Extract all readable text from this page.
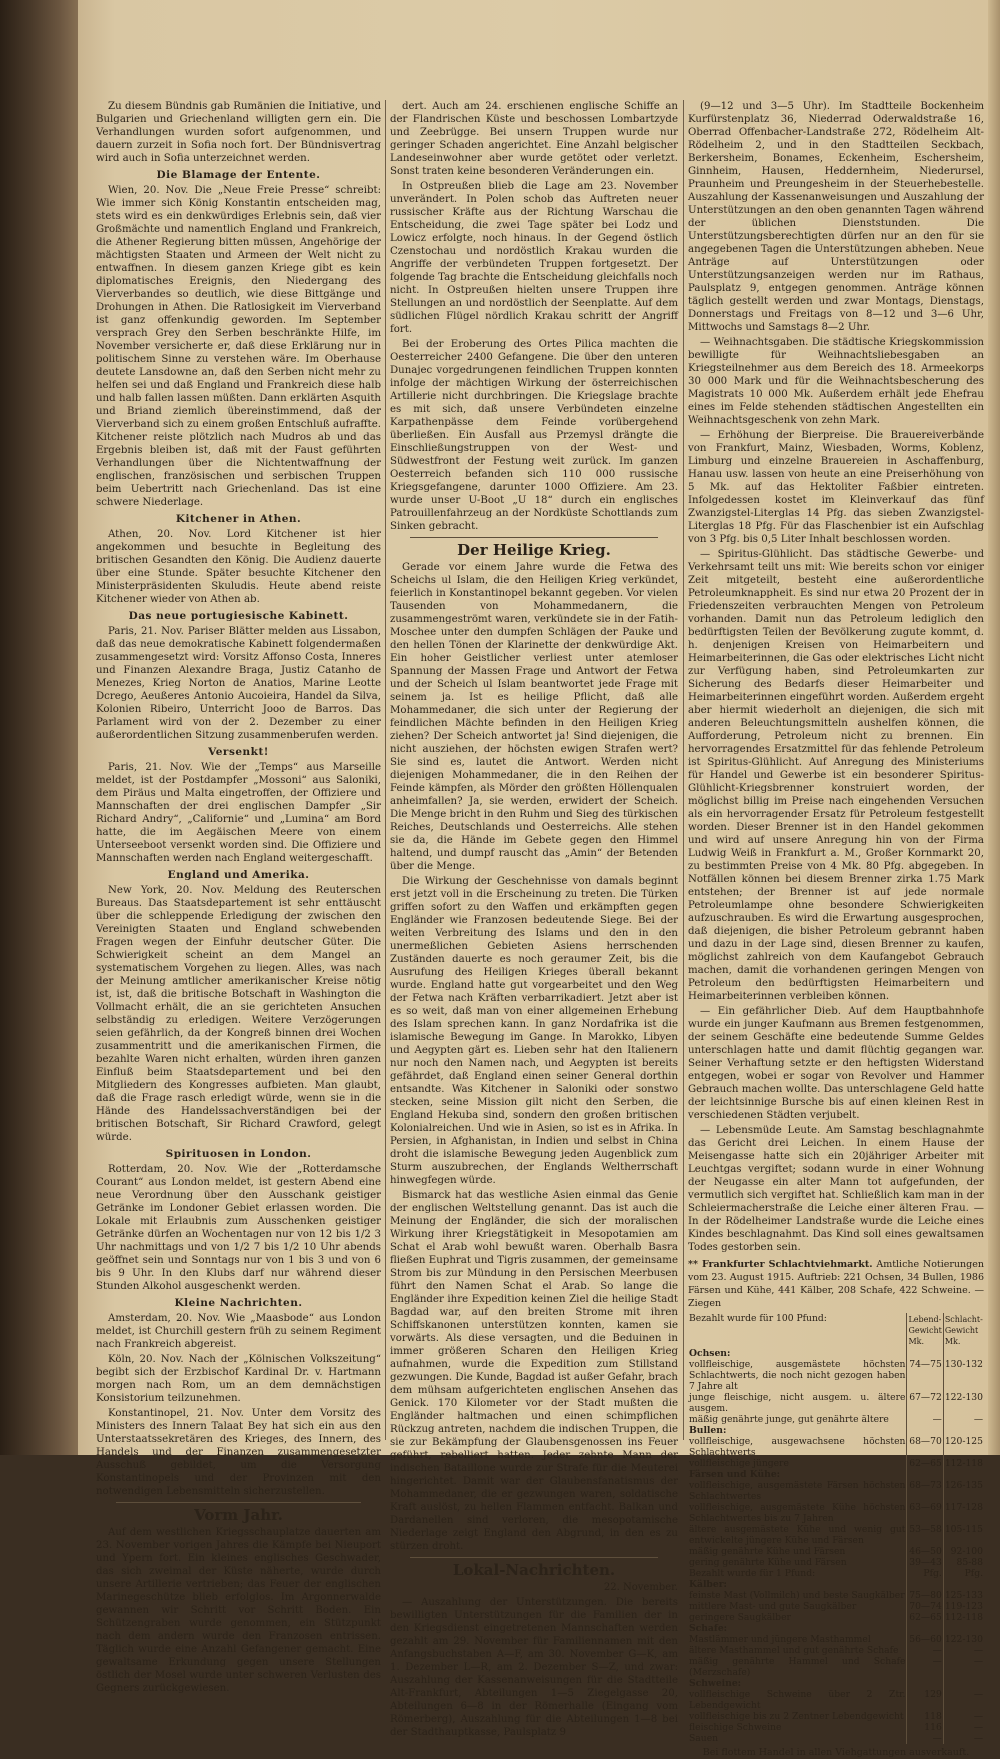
Zu diesem Bündnis gab Rumänien die Initiative, und Bulgarien und Griechenland willigten gern ein. Die Verhandlungen wurden sofort aufgenommen, und dauern zurzeit in Sofia noch fort. Der Bündnisvertrag wird auch in Sofia unterzeichnet werden.

Die Blamage der Entente.

Wien, 20. Nov. Die „Neue Freie Presse“ schreibt: Wie immer sich König Konstantin entscheiden mag, stets wird es ein denkwürdiges Erlebnis sein, daß vier Großmächte und namentlich England und Frankreich, die Athener Regierung bitten müssen, Angehörige der mächtigsten Staaten und Armeen der Welt nicht zu entwaffnen. In diesem ganzen Kriege gibt es kein diplomatisches Ereignis, den Niedergang des Vierverbandes so deutlich, wie diese Bittgänge und Drohungen in Athen. Die Ratlosigkeit im Vierverband ist ganz offenkundig geworden. Im September versprach Grey den Serben beschränkte Hilfe, im November versicherte er, daß diese Erklärung nur in politischem Sinne zu verstehen wäre. Im Oberhause deutete Lansdowne an, daß den Serben nicht mehr zu helfen sei und daß England und Frankreich diese halb und halb fallen lassen müßten. Dann erklärten Asquith und Briand ziemlich übereinstimmend, daß der Vierverband sich zu einem großen Entschluß aufraffte. Kitchener reiste plötzlich nach Mudros ab und das Ergebnis bleiben ist, daß mit der Faust geführten Verhandlungen über die Nichtentwaffnung der englischen, französischen und serbischen Truppen beim Uebertritt nach Griechenland. Das ist eine schwere Niederlage.

Kitchener in Athen.

Athen, 20. Nov. Lord Kitchener ist hier angekommen und besuchte in Begleitung des britischen Gesandten den König. Die Audienz dauerte über eine Stunde. Später besuchte Kitchener den Ministerpräsidenten Skuludis. Heute abend reiste Kitchener wieder von Athen ab.

Das neue portugiesische Kabinett.

Paris, 21. Nov. Pariser Blätter melden aus Lissabon, daß das neue demokratische Kabinett folgendermaßen zusammengesetzt wird: Vorsitz Affonso Costa, Inneres und Finanzen Alexandre Braga, Justiz Catanho de Menezes, Krieg Norton de Anatios, Marine Leotte Dcrego, Aeußeres Antonio Aucoieira, Handel da Silva, Kolonien Ribeiro, Unterricht Jooo de Barros. Das Parlament wird von der 2. Dezember zu einer außerordentlichen Sitzung zusammenberufen werden.

Versenkt!

Paris, 21. Nov. Wie der „Temps“ aus Marseille meldet, ist der Postdampfer „Mossoni“ aus Saloniki, dem Piräus und Malta eingetroffen, der Offiziere und Mannschaften der drei englischen Dampfer „Sir Richard Andry“, „Californie“ und „Lumina“ am Bord hatte, die im Aegäischen Meere von einem Unterseeboot versenkt worden sind. Die Offiziere und Mannschaften werden nach England weitergeschafft.

England und Amerika.

New York, 20. Nov. Meldung des Reuterschen Bureaus. Das Staatsdepartement ist sehr enttäuscht über die schleppende Erledigung der zwischen den Vereinigten Staaten und England schwebenden Fragen wegen der Einfuhr deutscher Güter. Die Schwierigkeit scheint an dem Mangel an systematischem Vorgehen zu liegen. Alles, was nach der Meinung amtlicher amerikanischer Kreise nötig ist, ist, daß die britische Botschaft in Washington die Vollmacht erhält, die an sie gerichteten Ansuchen selbständig zu erledigen. Weitere Verzögerungen seien gefährlich, da der Kongreß binnen drei Wochen zusammentritt und die amerikanischen Firmen, die bezahlte Waren nicht erhalten, würden ihren ganzen Einfluß beim Staatsdepartement und bei den Mitgliedern des Kongresses aufbieten. Man glaubt, daß die Frage rasch erledigt würde, wenn sie in die Hände des Handelssachverständigen bei der britischen Botschaft, Sir Richard Crawford, gelegt würde.

Spirituosen in London.

Rotterdam, 20. Nov. Wie der „Rotterdamsche Courant“ aus London meldet, ist gestern Abend eine neue Verordnung über den Ausschank geistiger Getränke im Londoner Gebiet erlassen worden. Die Lokale mit Erlaubnis zum Ausschenken geistiger Getränke dürfen an Wochentagen nur von 12 bis 1/2 3 Uhr nachmittags und von 1/2 7 bis 1/2 10 Uhr abends geöffnet sein und Sonntags nur von 1 bis 3 und von 6 bis 9 Uhr. In den Klubs darf nur während dieser Stunden Alkohol ausgeschenkt werden.

Kleine Nachrichten.

Amsterdam, 20. Nov. Wie „Maasbode“ aus London meldet, ist Churchill gestern früh zu seinem Regiment nach Frankreich abgereist.

Köln, 20. Nov. Nach der „Kölnischen Volkszeitung“ begibt sich der Erzbischof Kardinal Dr. v. Hartmann morgen nach Rom, um an dem demnächstigen Konsistorium teilzunehmen.

Konstantinopel, 21. Nov. Unter dem Vorsitz des Ministers des Innern Talaat Bey hat sich ein aus den Unterstaatssekretären des Krieges, des Innern, des Handels und der Finanzen zusammengesetzter Ausschuß gebildet, um die Versorgung Konstantinopels und der Provinzen mit den notwendigen Lebensmitteln sicherzustellen.

Vorm Jahr.

Auf dem westlichen Kriegsschauplatze dauerten am 23. November vorigen Jahres die Kämpfe bei Nieuport und Ypern fort. Ein kleines englisches Geschwader, das sich zweimal der Küste näherte, wurde durch unsere Artillerie vertrieben; das Feuer der englischen Marinegeschütze blieb erfolglos. Im Argonnerwalde gewannen wir Schritt vor Schritt Boden. Ein Schützengraben wurde genommen, ein Stützpunkt nach dem andern wurde den Franzosen entrissen. Täglich wurde eine Anzahl Gefangener gemacht. Eine gewaltsame Erkundung gegen unsere Stellungen östlich der Mosel wurde unter schweren Verlusten des Gegners zurückgewiesen.

dert. Auch am 24. erschienen englische Schiffe an der Flandrischen Küste und beschossen Lombartzyde und Zeebrügge. Bei unsern Truppen wurde nur geringer Schaden angerichtet. Eine Anzahl belgischer Landeseinwohner aber wurde getötet oder verletzt. Sonst traten keine besonderen Veränderungen ein.

In Ostpreußen blieb die Lage am 23. November unverändert. In Polen schob das Auftreten neuer russischer Kräfte aus der Richtung Warschau die Entscheidung, die zwei Tage später bei Lodz und Lowicz erfolgte, noch hinaus. In der Gegend östlich Czenstochau und nordöstlich Krakau wurden die Angriffe der verbündeten Truppen fortgesetzt. Der folgende Tag brachte die Entscheidung gleichfalls noch nicht. In Ostpreußen hielten unsere Truppen ihre Stellungen an und nordöstlich der Seenplatte. Auf dem südlichen Flügel nördlich Krakau schritt der Angriff fort.

Bei der Eroberung des Ortes Pilica machten die Oesterreicher 2400 Gefangene. Die über den unteren Dunajec vorgedrungenen feindlichen Truppen konnten infolge der mächtigen Wirkung der österreichischen Artillerie nicht durchbringen. Die Kriegslage brachte es mit sich, daß unsere Verbündeten einzelne Karpathenpässe dem Feinde vorübergehend überließen. Ein Ausfall aus Przemysl drängte die Einschließungstruppen von der West- und Südwestfront der Festung weit zurück. Im ganzen Oesterreich befanden sich 110 000 russische Kriegsgefangene, darunter 1000 Offiziere. Am 23. wurde unser U-Boot „U 18“ durch ein englisches Patrouillenfahrzeug an der Nordküste Schottlands zum Sinken gebracht.

Der Heilige Krieg.

Gerade vor einem Jahre wurde die Fetwa des Scheichs ul Islam, die den Heiligen Krieg verkündet, feierlich in Konstantinopel bekannt gegeben. Vor vielen Tausenden von Mohammedanern, die zusammengeströmt waren, verkündete sie in der Fatih-Moschee unter den dumpfen Schlägen der Pauke und den hellen Tönen der Klarinette der denkwürdige Akt. Ein hoher Geistlicher verliest unter atemloser Spannung der Massen Frage und Antwort der Fetwa und der Scheich ul Islam beantwortet jede Frage mit seinem ja. Ist es heilige Pflicht, daß alle Mohammedaner, die sich unter der Regierung der feindlichen Mächte befinden in den Heiligen Krieg ziehen? Der Scheich antwortet ja! Sind diejenigen, die nicht ausziehen, der höchsten ewigen Strafen wert? Sie sind es, lautet die Antwort. Werden nicht diejenigen Mohammedaner, die in den Reihen der Feinde kämpfen, als Mörder den größten Höllenqualen anheimfallen? Ja, sie werden, erwidert der Scheich. Die Menge bricht in den Ruhm und Sieg des türkischen Reiches, Deutschlands und Oesterreichs. Alle stehen sie da, die Hände im Gebete gegen den Himmel haltend, und dumpf rauscht das „Amin“ der Betenden über die Menge.

Die Wirkung der Geschehnisse von damals beginnt erst jetzt voll in die Erscheinung zu treten. Die Türken griffen sofort zu den Waffen und erkämpften gegen Engländer wie Franzosen bedeutende Siege. Bei der weiten Verbreitung des Islams und den in den unermeßlichen Gebieten Asiens herrschenden Zuständen dauerte es noch geraumer Zeit, bis die Ausrufung des Heiligen Krieges überall bekannt wurde. England hatte gut vorgearbeitet und den Weg der Fetwa nach Kräften verbarrikadiert. Jetzt aber ist es so weit, daß man von einer allgemeinen Erhebung des Islam sprechen kann. In ganz Nordafrika ist die islamische Bewegung im Gange. In Marokko, Libyen und Aegypten gärt es. Lieben sehr hat den Italienern nur noch den Namen nach, und Aegypten ist bereits gefährdet, daß England einen seiner General dorthin entsandte. Was Kitchener in Saloniki oder sonstwo stecken, seine Mission gilt nicht den Serben, die England Hekuba sind, sondern den großen britischen Kolonialreichen. Und wie in Asien, so ist es in Afrika. In Persien, in Afghanistan, in Indien und selbst in China droht die islamische Bewegung jeden Augenblick zum Sturm auszubrechen, der Englands Weltherrschaft hinwegfegen würde.

Bismarck hat das westliche Asien einmal das Genie der englischen Weltstellung genannt. Das ist auch die Meinung der Engländer, die sich der moralischen Wirkung ihrer Kriegstätigkeit in Mesopotamien am Schat el Arab wohl bewußt waren. Oberhalb Basra fließen Euphrat und Tigris zusammen, der gemeinsame Strom bis zur Mündung in den Persischen Meerbusen führt den Namen Schat el Arab. So lange die Engländer ihre Expedition keinen Ziel die heilige Stadt Bagdad war, auf den breiten Strome mit ihren Schiffskanonen unterstützen konnten, kamen sie vorwärts. Als diese versagten, und die Beduinen in immer größeren Scharen den Heiligen Krieg aufnahmen, wurde die Expedition zum Stillstand gezwungen. Die Kunde, Bagdad ist außer Gefahr, brach dem mühsam aufgerichteten englischen Ansehen das Genick. 170 Kilometer vor der Stadt mußten die Engländer haltmachen und einen schimpflichen Rückzug antreten, nachdem die indischen Truppen, die sie zur Bekämpfung der Glaubensgenossen ins Feuer geführt, rebelliert hatten. Jeder zehnte Mann der indischen Bataillone wurde zur Strafe für die Meuterei hingerichtet. Damit war der Glaubensfanatismus der Mohammedaner, die er gezwungen waren, soldatische Kraft auslöst, zu hellen Flammen entfacht. Balkan und Dardanellen sind verloren, die mesopotamische Niederlage zeigt England den Abgrund, in den es zu stürzen droht.

Lokal-Nachrichten.
22. November.

— Auszahlung der Unterstützungen. Die bereits bewilligten Unterstützungen für die Familien der in den Kriegsdienst eingetretenen Mannschaften werden gezahlt am 29. November für Familiennamen mit den Anfangsbuchstaben A—F, am 30. November G—K, am 1. Dezember L—R, am 2. Dezember S—Z, und zwar: Auszahlung der Kassenanweisungen für die Stadtteile Alt-Frankfurt, Abteilungen 1—5 Ziegelgasse 20, Abteilungen 6—8 in der Römerhalle (Eingang vom Römerberg), Auszahlung für die Abteilungen 1—8 bei der Stadthauptkasse, Paulsplatz 9

(9—12 und 3—5 Uhr). Im Stadtteile Bockenheim Kurfürstenplatz 36, Niederrad Oderwaldstraße 16, Oberrad Offenbacher-Landstraße 272, Rödelheim Alt-Rödelheim 2, und in den Stadtteilen Seckbach, Berkersheim, Bonames, Eckenheim, Eschersheim, Ginnheim, Hausen, Heddernheim, Niederursel, Praunheim und Preungesheim in der Steuerhebestelle. Auszahlung der Kassenanweisungen und Auszahlung der Unterstützungen an den oben genannten Tagen während der üblichen Dienststunden. Die Unterstützungsberechtigten dürfen nur an den für sie angegebenen Tagen die Unterstützungen abheben. Neue Anträge auf Unterstützungen oder Unterstützungsanzeigen werden nur im Rathaus, Paulsplatz 9, entgegen genommen. Anträge können täglich gestellt werden und zwar Montags, Dienstags, Donnerstags und Freitags von 8—12 und 3—6 Uhr, Mittwochs und Samstags 8—2 Uhr.

— Weihnachtsgaben. Die städtische Kriegskommission bewilligte für Weihnachtsliebesgaben an Kriegsteilnehmer aus dem Bereich des 18. Armeekorps 30 000 Mark und für die Weihnachtsbescherung des Magistrats 10 000 Mk. Außerdem erhält jede Ehefrau eines im Felde stehenden städtischen Angestellten ein Weihnachtsgeschenk von zehn Mark.

— Erhöhung der Bierpreise. Die Brauereiverbände von Frankfurt, Mainz, Wiesbaden, Worms, Koblenz, Limburg und einzelne Brauereien in Aschaffenburg, Hanau usw. lassen von heute an eine Preiserhöhung von 5 Mk. auf das Hektoliter Faßbier eintreten. Infolgedessen kostet im Kleinverkauf das fünf Zwanzigstel-Literglas 14 Pfg. das sieben Zwanzigstel-Literglas 18 Pfg. Für das Flaschenbier ist ein Aufschlag von 3 Pfg. bis 0,5 Liter Inhalt beschlossen worden.

— Spiritus-Glühlicht. Das städtische Gewerbe- und Verkehrsamt teilt uns mit: Wie bereits schon vor einiger Zeit mitgeteilt, besteht eine außerordentliche Petroleumknappheit. Es sind nur etwa 20 Prozent der in Friedenszeiten verbrauchten Mengen von Petroleum vorhanden. Damit nun das Petroleum lediglich den bedürftigsten Teilen der Bevölkerung zugute kommt, d. h. denjenigen Kreisen von Heimarbeitern und Heimarbeiterinnen, die Gas oder elektrisches Licht nicht zur Verfügung haben, sind Petroleumkarten zur Sicherung des Bedarfs dieser Heimarbeiter und Heimarbeiterinnen eingeführt worden. Außerdem ergeht aber hiermit wiederholt an diejenigen, die sich mit anderen Beleuchtungsmitteln aushelfen können, die Aufforderung, Petroleum nicht zu brennen. Ein hervorragendes Ersatzmittel für das fehlende Petroleum ist Spiritus-Glühlicht. Auf Anregung des Ministeriums für Handel und Gewerbe ist ein besonderer Spiritus-Glühlicht-Kriegsbrenner konstruiert worden, der möglichst billig im Preise nach eingehenden Versuchen als ein hervorragender Ersatz für Petroleum festgestellt worden. Dieser Brenner ist in den Handel gekommen und wird auf unsere Anregung hin von der Firma Ludwig Weiß in Frankfurt a. M., Großer Kornmarkt 20, zu bestimmten Preise von 4 Mk. 80 Pfg. abgegeben. In Notfällen können bei diesem Brenner zirka 1.75 Mark entstehen; der Brenner ist auf jede normale Petroleumlampe ohne besondere Schwierigkeiten aufzuschrauben. Es wird die Erwartung ausgesprochen, daß diejenigen, die bisher Petroleum gebrannt haben und dazu in der Lage sind, diesen Brenner zu kaufen, möglichst zahlreich von dem Kaufangebot Gebrauch machen, damit die vorhandenen geringen Mengen von Petroleum den bedürftigsten Heimarbeitern und Heimarbeiterinnen verbleiben können.

— Ein gefährlicher Dieb. Auf dem Hauptbahnhofe wurde ein junger Kaufmann aus Bremen festgenommen, der seinem Geschäfte eine bedeutende Summe Geldes unterschlagen hatte und damit flüchtig gegangen war. Seiner Verhaftung setzte er den heftigsten Widerstand entgegen, wobei er sogar von Revolver und Hammer Gebrauch machen wollte. Das unterschlagene Geld hatte der leichtsinnige Bursche bis auf einen kleinen Rest in verschiedenen Städten verjubelt.

— Lebensmüde Leute. Am Samstag beschlagnahmte das Gericht drei Leichen. In einem Hause der Meisengasse hatte sich ein 20jähriger Arbeiter mit Leuchtgas vergiftet; sodann wurde in einer Wohnung der Neugasse ein alter Mann tot aufgefunden, der vermutlich sich vergiftet hat. Schließlich kam man in der Schleiermacherstraße die Leiche einer älteren Frau. — In der Rödelheimer Landstraße wurde die Leiche eines Kindes beschlagnahmt. Das Kind soll eines gewaltsamen Todes gestorben sein.

** Frankfurter Schlachtviehmarkt. Amtliche Notierungen vom 23. August 1915. Auftrieb: 221 Ochsen, 34 Bullen, 1986 Färsen und Kühe, 441 Kälber, 208 Schafe, 422 Schweine. — Ziegen
Bezahlt wurde für 100 Pfund:	Lebend-Gewicht Mk.	Schlacht-Gewicht Mk.
Ochsen:		
vollfleischige, ausgemästete höchsten Schlachtwerts, die noch nicht gezogen haben 7 Jahre alt	74—75	130-132
junge fleischige, nicht ausgem. u. ältere ausgem.	67—72	122-130
mäßig genährte junge, gut genährte ältere	—	—
Bullen:		
vollfleischige, ausgewachsene höchsten Schlachtwerts	68—70	120-125
vollfleischige jüngere	62—65	112-118
Färsen und Kühe:		
vollfleischige, ausgemästete Färsen höchsten Schlachtwertes	68—73	126-135
vollfleischige, ausgemästete Kühe höchsten Schlachtwertes bis zu 7 Jahren	63—69	117-128
ältere ausgemästete Kühe und wenig gut entwickelte jüngere Kühe und Färsen	53—58	105-115
mäßig genährte Kühe und Färsen	46—50	92-100
gering genährte Kühe und Färsen	39—43	85-88
Bezahlt wurde für 1 Pfund:	Pfg.	Pfg.
Kälber:		
feinste Mast (Vollmilch) und beste Saugkälber	75—80	125-133
mittlere Mast- und gute Saugkälber	70—74	119-123
geringere Saugkälber	62—65	112-118
Schafe:		
Mastlämmer und jüngere Masthammel	56—60	122-130
ältere Masthammel und gut genährte Schafe	—	—
mäßig genährte Hammel und Schafe (Merzschafe)	—	—
Schweine:		
vollfleischige Schweine über 2 Ztr. Lebendgewicht	129	—
vollfleischige bis zu 2 Zentner Lebendgewicht	118	—
fleischige Schweine	116	—
Sauen	—	—
Bei flottem Handel in allen Viehgattungen ausverkauft.
